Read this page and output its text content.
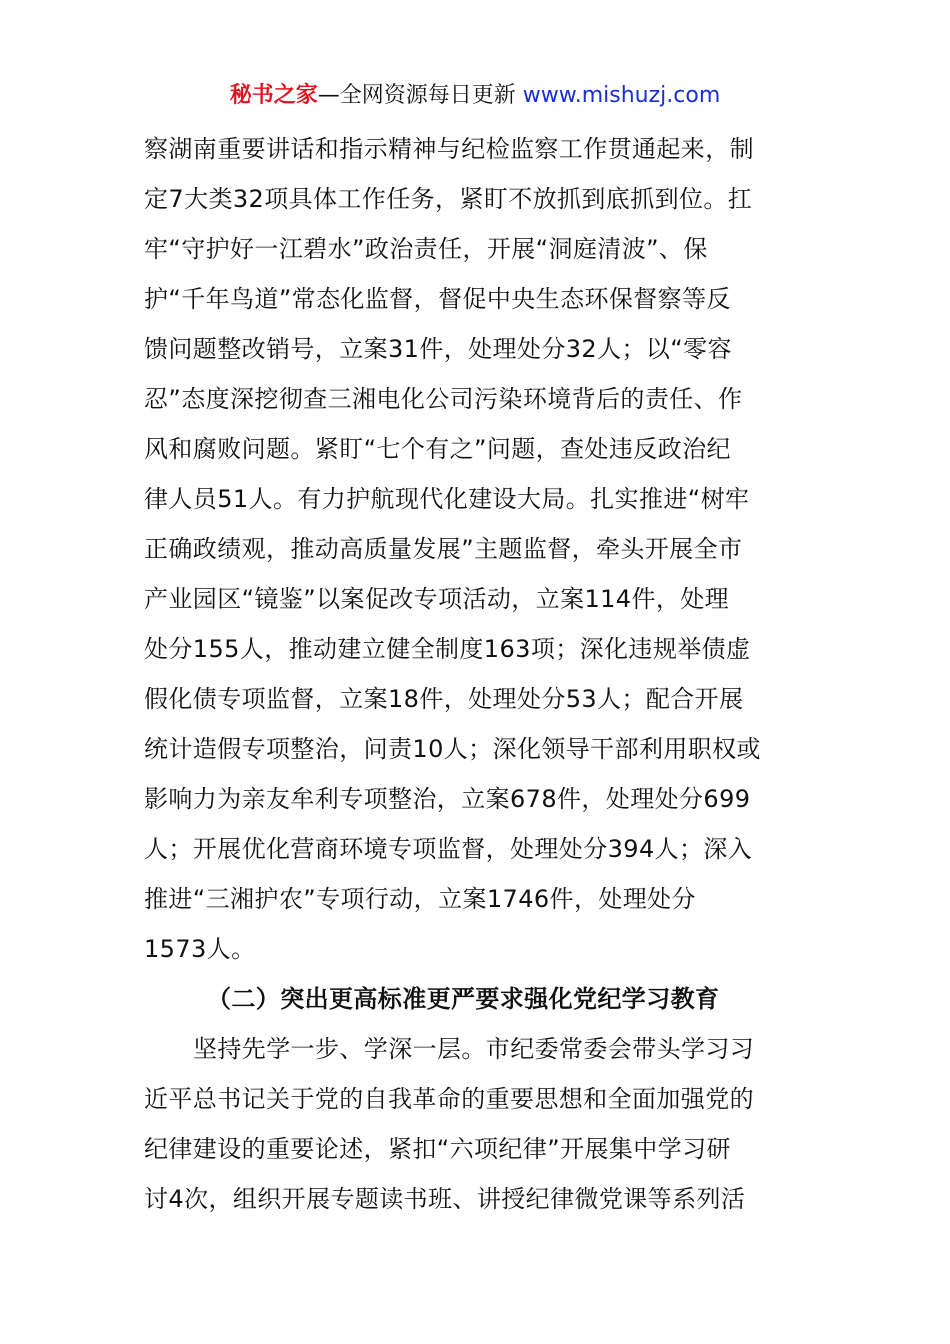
秘书之家—全网资源每日更新 www.mishuzj.com
察湖南重要讲话和指示精神与纪检监察工作贯通起来，制
定7大类32项具体工作任务，紧盯不放抓到底抓到位。扛
牢“守护好一江碧水”政治责任，开展“洞庭清波”、保
护“千年鸟道”常态化监督，督促中央生态环保督察等反
馈问题整改销号，立案31件，处理处分32人；以“零容
忍”态度深挖彻查三湘电化公司污染环境背后的责任、作
风和腐败问题。紧盯“七个有之”问题，查处违反政治纪
律人员51人。有力护航现代化建设大局。扎实推进“树牢
正确政绩观，推动高质量发展”主题监督，牵头开展全市
产业园区“镜鉴”以案促改专项活动，立案114件，处理
处分155人，推动建立健全制度163项；深化违规举债虚
假化债专项监督，立案18件，处理处分53人；配合开展
统计造假专项整治，问责10人；深化领导干部利用职权或
影响力为亲友牟利专项整治，立案678件，处理处分699
人；开展优化营商环境专项监督，处理处分394人；深入
推进“三湘护农”专项行动，立案1746件，处理处分
1573人。
（二）突出更高标准更严要求强化党纪学习教育
坚持先学一步、学深一层。市纪委常委会带头学习习
近平总书记关于党的自我革命的重要思想和全面加强党的
纪律建设的重要论述，紧扣“六项纪律”开展集中学习研
讨4次，组织开展专题读书班、讲授纪律微党课等系列活
